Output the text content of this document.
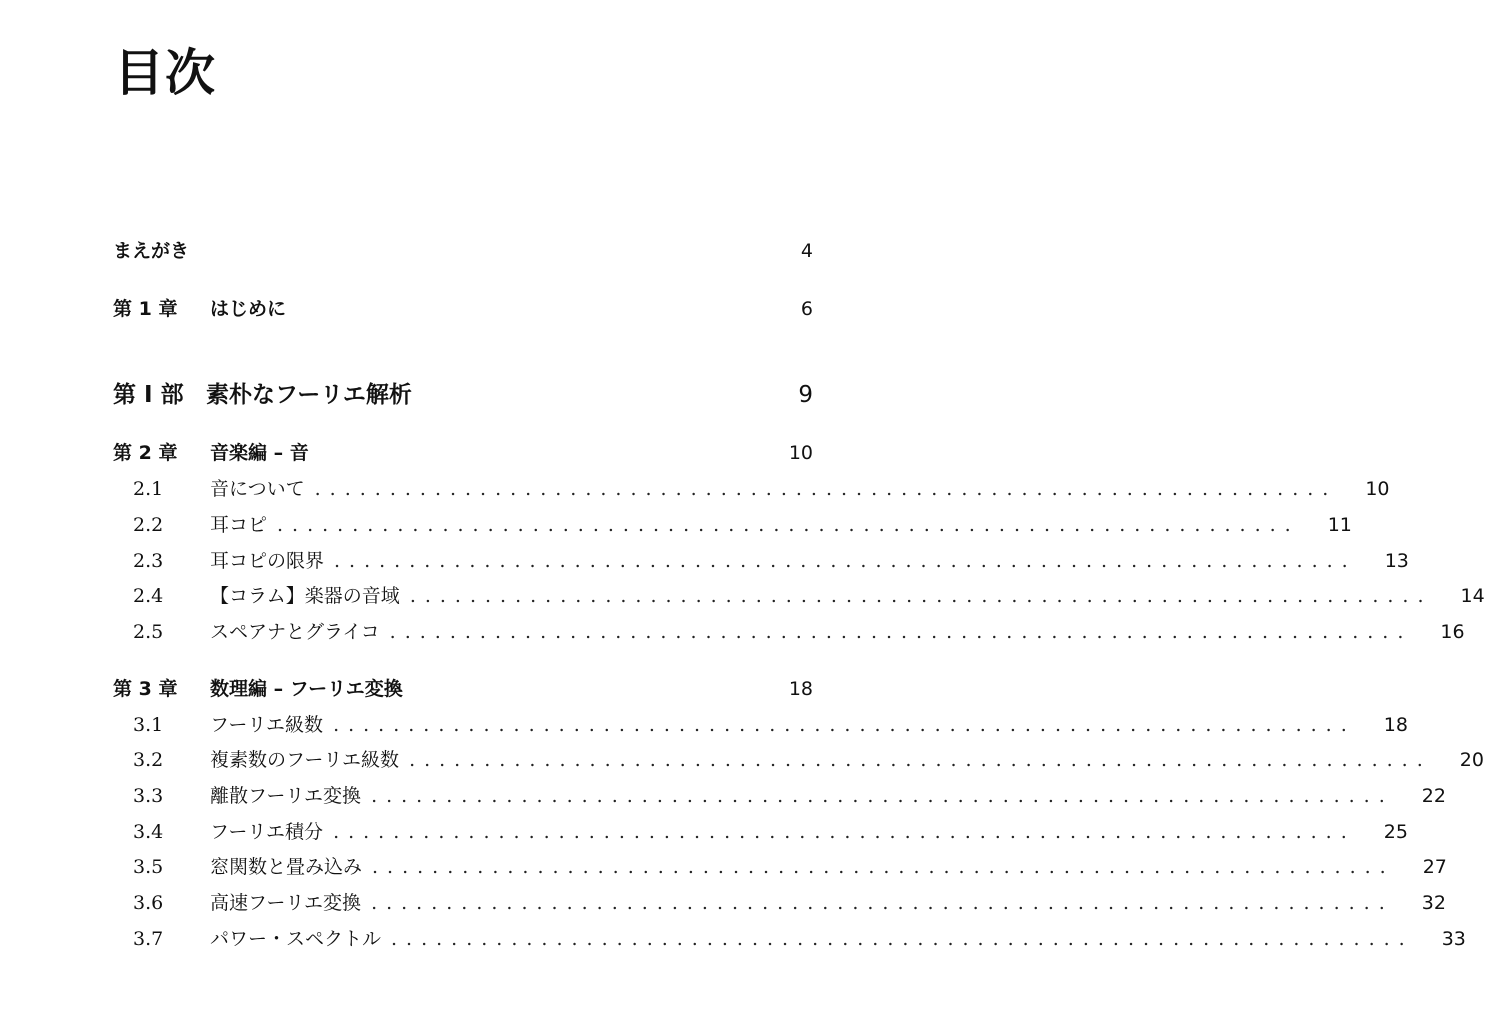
目次
まえがき	4
第 1 章	はじめに	6
第 I 部 素朴なフーリエ解析	9
第 2 章	音楽編 – 音	10
2.1	音について .................................................................... 10
2.2	耳コピ .................................................................... 11
2.3	耳コピの限界 .................................................................... 13
2.4	【コラム】楽器の音域 .................................................................... 14
2.5	スペアナとグライコ .................................................................... 16
第 3 章	数理編 – フーリエ変換	18
3.1	フーリエ級数 .................................................................... 18
3.2	複素数のフーリエ級数 .................................................................... 20
3.3	離散フーリエ変換 .................................................................... 22
3.4	フーリエ積分 .................................................................... 25
3.5	窓関数と畳み込み .................................................................... 27
3.6	高速フーリエ変換 .................................................................... 32
3.7	パワー・スペクトル .................................................................... 33
